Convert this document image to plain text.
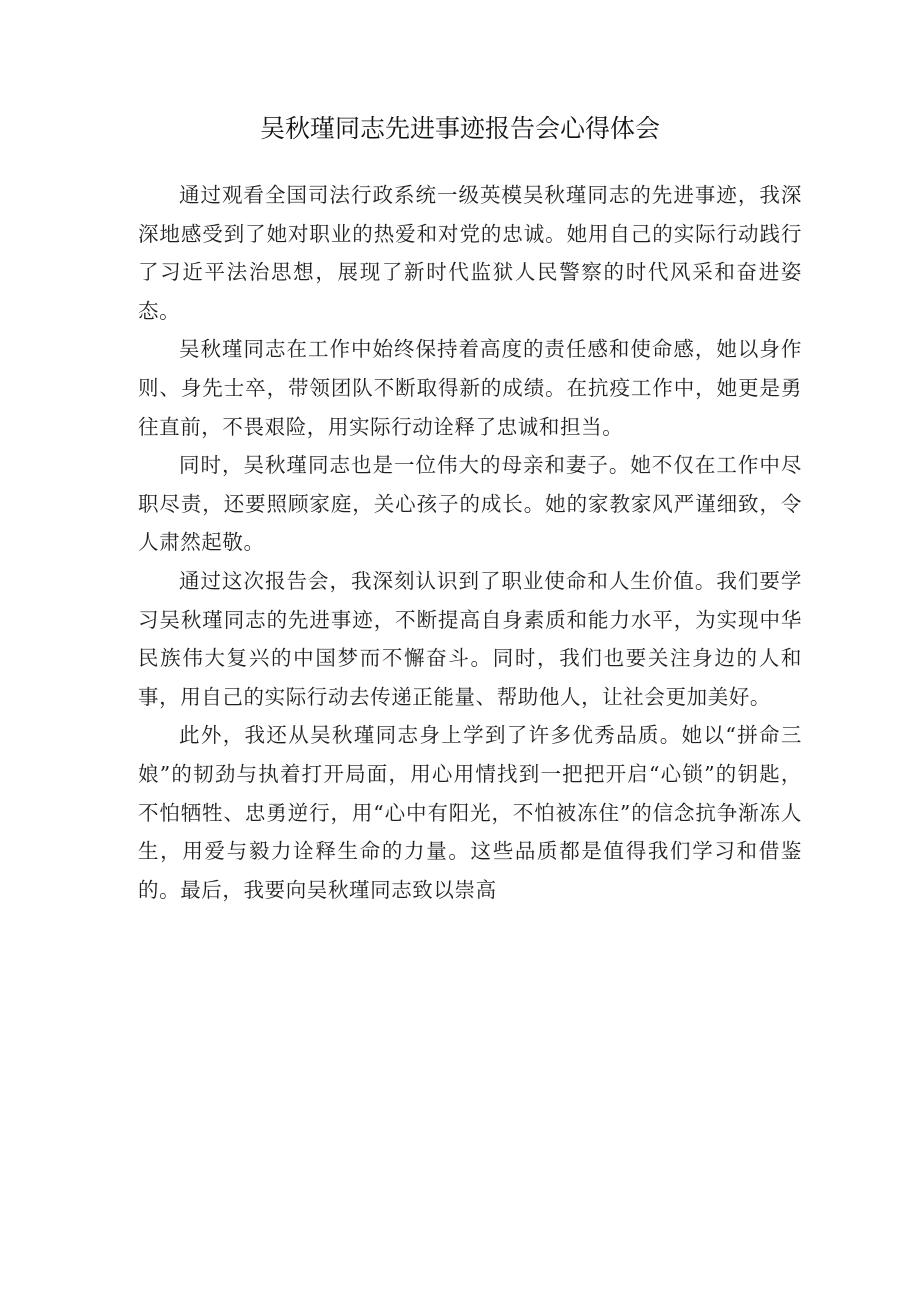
吴秋瑾同志先进事迹报告会心得体会

通过观看全国司法行政系统一级英模吴秋瑾同志的先进事迹，我深深地感受到了她对职业的热爱和对党的忠诚。她用自己的实际行动践行了习近平法治思想，展现了新时代监狱人民警察的时代风采和奋进姿态。

吴秋瑾同志在工作中始终保持着高度的责任感和使命感，她以身作则、身先士卒，带领团队不断取得新的成绩。在抗疫工作中，她更是勇往直前，不畏艰险，用实际行动诠释了忠诚和担当。

同时，吴秋瑾同志也是一位伟大的母亲和妻子。她不仅在工作中尽职尽责，还要照顾家庭，关心孩子的成长。她的家教家风严谨细致，令人肃然起敬。

通过这次报告会，我深刻认识到了职业使命和人生价值。我们要学习吴秋瑾同志的先进事迹，不断提高自身素质和能力水平，为实现中华民族伟大复兴的中国梦而不懈奋斗。同时，我们也要关注身边的人和事，用自己的实际行动去传递正能量、帮助他人，让社会更加美好。

此外，我还从吴秋瑾同志身上学到了许多优秀品质。她以“拼命三娘”的韧劲与执着打开局面，用心用情找到一把把开启“心锁”的钥匙，不怕牺牲、忠勇逆行，用“心中有阳光，不怕被冻住”的信念抗争渐冻人生，用爱与毅力诠释生命的力量。这些品质都是值得我们学习和借鉴的。最后，我要向吴秋瑾同志致以崇高
